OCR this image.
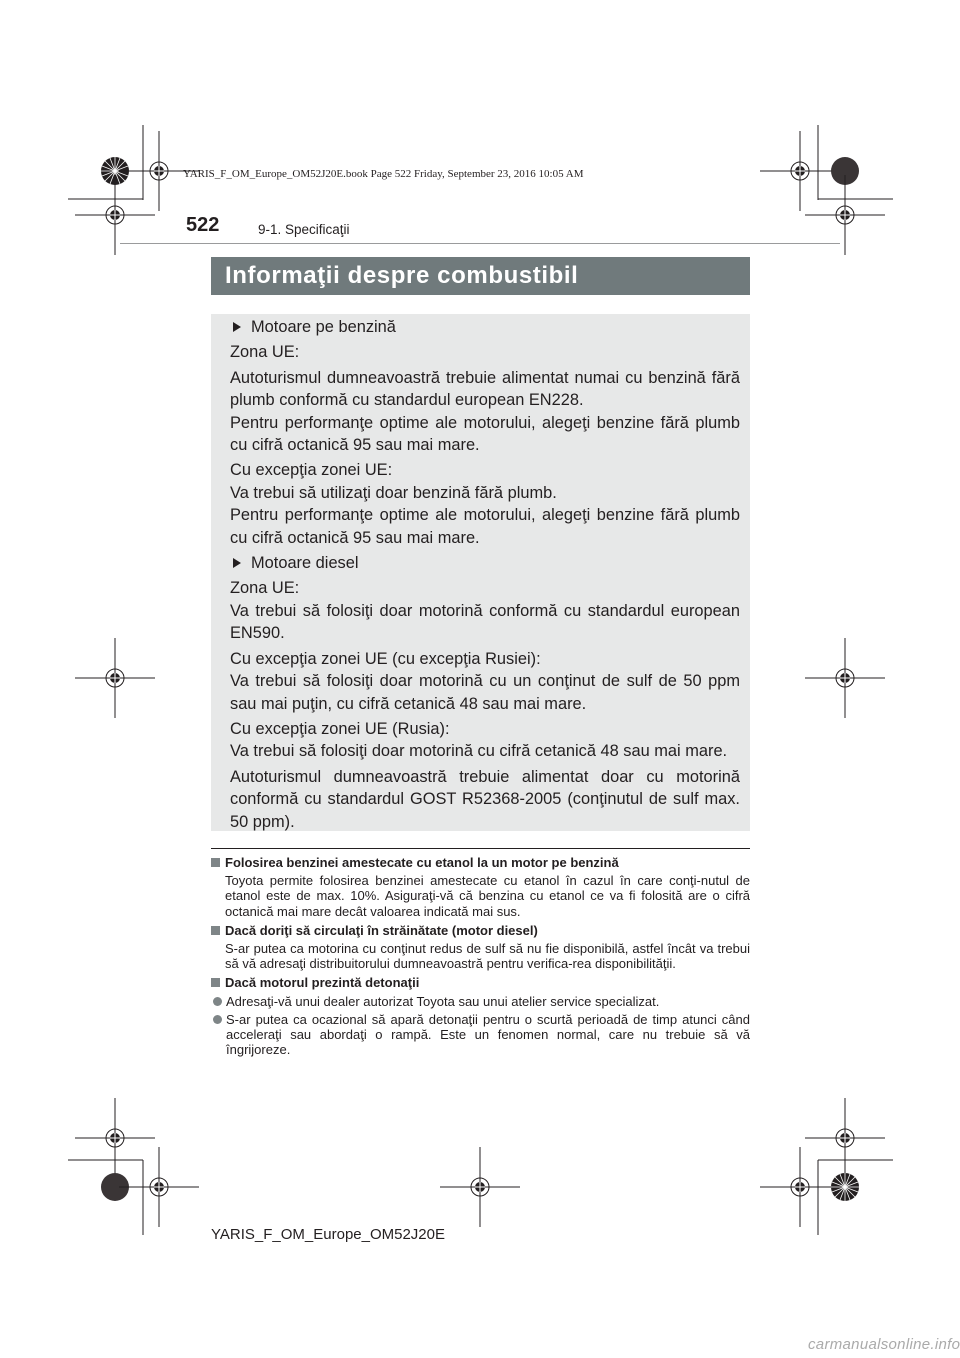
YARIS_F_OM_Europe_OM52J20E.book Page 522 Friday, September 23, 2016 10:05 AM
522	9-1. Specificaţii
Informaţii despre combustibil
Motoare pe benzină

Zona UE:

Autoturismul dumneavoastră trebuie alimentat numai cu benzină fără plumb conformă cu standardul european EN228.

Pentru performanţe optime ale motorului, alegeţi benzine fără plumb cu cifră octanică 95 sau mai mare.

Cu excepţia zonei UE:

Va trebui să utilizaţi doar benzină fără plumb.

Pentru performanţe optime ale motorului, alegeţi benzine fără plumb cu cifră octanică 95 sau mai mare.

Motoare diesel

Zona UE:

Va trebui să folosiţi doar motorină conformă cu standardul european EN590.

Cu excepţia zonei UE (cu excepţia Rusiei):

Va trebui să folosiţi doar motorină cu un conţinut de sulf de 50 ppm sau mai puţin, cu cifră cetanică 48 sau mai mare.

Cu excepţia zonei UE (Rusia):

Va trebui să folosiţi doar motorină cu cifră cetanică 48 sau mai mare.

Autoturismul dumneavoastră trebuie alimentat doar cu motorină conformă cu standardul GOST R52368-2005 (conţinutul de sulf max. 50 ppm).

Folosirea benzinei amestecate cu etanol la un motor pe benzină
Toyota permite folosirea benzinei amestecate cu etanol în cazul în care conţi-nutul de etanol este de max. 10%. Asiguraţi-vă că benzina cu etanol ce va fi folosită are o cifră octanică mai mare decât valoarea indicată mai sus.
Dacă doriţi să circulaţi în străinătate (motor diesel)
S-ar putea ca motorina cu conţinut redus de sulf să nu fie disponibilă, astfel încât va trebui să vă adresaţi distribuitorului dumneavoastră pentru verifica-rea disponibilităţii.
Dacă motorul prezintă detonaţii
Adresaţi-vă unui dealer autorizat Toyota sau unui atelier service specializat.
S-ar putea ca ocazional să apară detonaţii pentru o scurtă perioadă de timp atunci când acceleraţi sau abordaţi o rampă. Este un fenomen normal, care nu trebuie să vă îngrijoreze.
YARIS_F_OM_Europe_OM52J20E
carmanualsonline.info
